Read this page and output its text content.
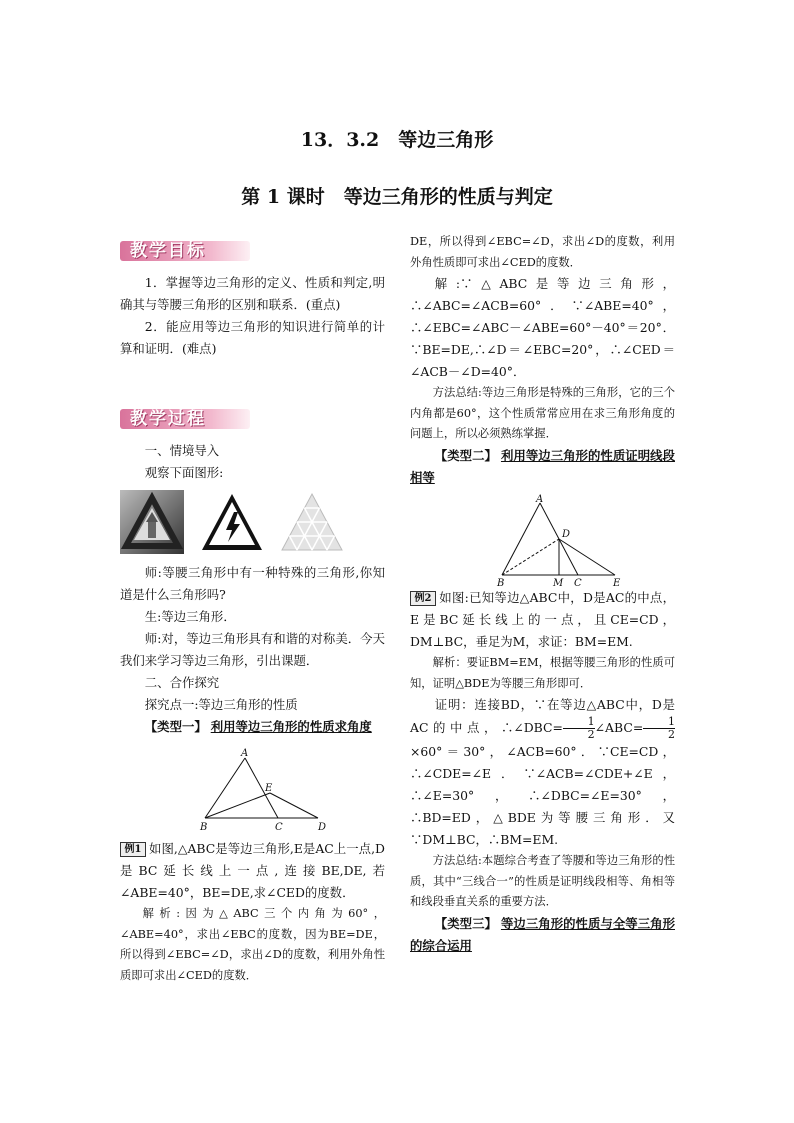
13．3.2　等边三角形
第 1 课时　等边三角形的性质与判定
教学目标

1．掌握等边三角形的定义、性质和判定,明确其与等腰三角形的区别和联系．(重点)

2．能应用等边三角形的知识进行简单的计算和证明．(难点)

教学过程

一、情境导入

观察下面图形:

师:等腰三角形中有一种特殊的三角形,你知道是什么三角形吗?

生:等边三角形．

师:对，等边三角形具有和谐的对称美．今天我们来学习等边三角形，引出课题．

二、合作探究

探究点一:等边三角形的性质

【类型一】 利用等边三角形的性质求角度

A
B	C	D
E

例1 如图,△ABC是等边三角形,E是AC上一点,D是BC延长线上一点,连接BE,DE,若∠ABE=40°，BE=DE,求∠CED的度数．

解析:因为△ABC三个内角为60°，∠ABE=40°，求出∠EBC的度数，因为BE=DE，所以得到∠EBC=∠D，求出∠D的度数，利用外角性质即可求出∠CED的度数．

DE，所以得到∠EBC=∠D，求出∠D的度数，利用外角性质即可求出∠CED的度数．

解:∵△ABC是等边三角形，∴∠ABC=∠ACB=60°．∵∠ABE=40°，∴∠EBC=∠ABC－∠ABE=60°－40°＝20°．∵BE=DE,∴∠D＝∠EBC=20°，∴∠CED＝∠ACB－∠D=40°．

方法总结:等边三角形是特殊的三角形，它的三个内角都是60°，这个性质常常应用在求三角形角度的问题上，所以必须熟练掌握．

【类型二】 利用等边三角形的性质证明线段相等

A
B	M C	E
D

例2 如图:已知等边△ABC中，D是AC的中点，E是BC延长线上的一点，且CE=CD，DM⊥BC，垂足为M，求证：BM=EM.

解析：要证BM=EM，根据等腰三角形的性质可知，证明△BDE为等腰三角形即可．

证明：连接BD，∵在等边△ABC中，D是AC的中点，∴∠DBC= $\frac{1}{2}$ ∠ABC= $\frac{1}{2}$
×60°＝30°，∠ACB=60°．∵CE=CD，∴∠CDE=∠E．∵∠ACB=∠CDE+∠E，∴∠E=30°，∴∠DBC=∠E=30°，∴BD=ED，△BDE为等腰三角形．又∵DM⊥BC，∴BM=EM.

方法总结:本题综合考查了等腰和等边三角形的性质，其中“三线合一”的性质是证明线段相等、角相等和线段垂直关系的重要方法．

【类型三】 等边三角形的性质与全等三角形的综合运用
